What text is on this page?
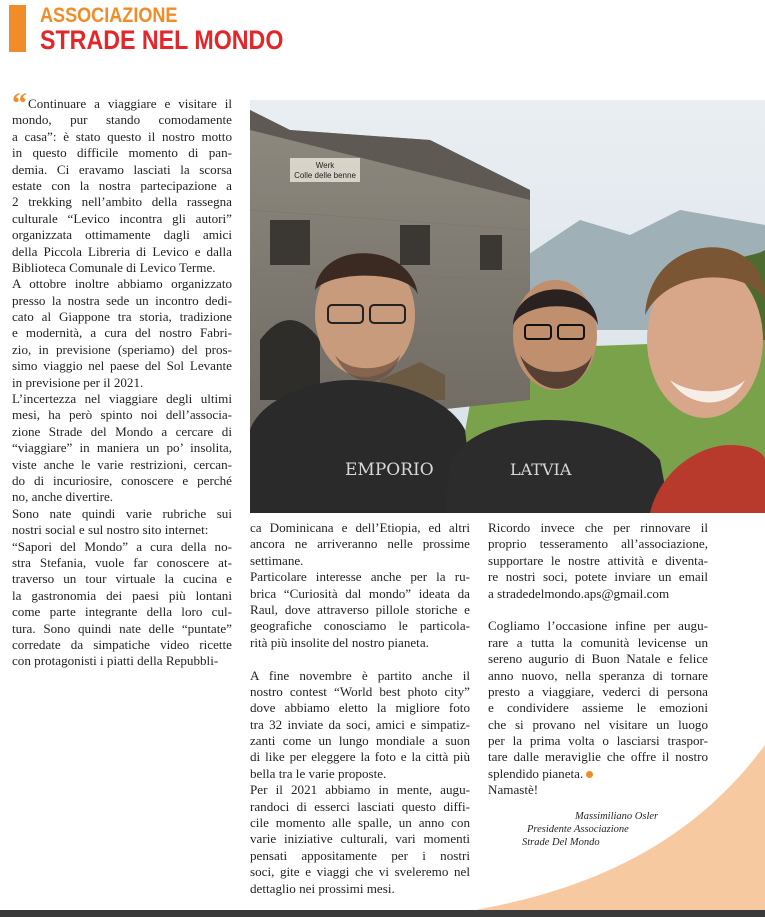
ASSOCIAZIONE
STRADE NEL MONDO
Werk
Colle delle benne
EMPORIO	LATVIA

“Continuare a viaggiare e visitare il
mondo, pur stando comodamente
a casa”: è stato questo il nostro motto
in questo difficile momento di pan-
demia. Ci eravamo lasciati la scorsa
estate con la nostra partecipazione a
2 trekking nell’ambito della rassegna
culturale “Levico incontra gli autori”
organizzata ottimamente dagli amici
della Piccola Libreria di Levico e dalla
Biblioteca Comunale di Levico Terme.
A ottobre inoltre abbiamo organizzato
presso la nostra sede un incontro dedi-
cato al Giappone tra storia, tradizione
e modernità, a cura del nostro Fabri-
zio, in previsione (speriamo) del pros-
simo viaggio nel paese del Sol Levante
in previsione per il 2021.
L’incertezza nel viaggiare degli ultimi
mesi, ha però spinto noi dell’associa-
zione Strade del Mondo a cercare di
“viaggiare” in maniera un po’ insolita,
viste anche le varie restrizioni, cercan-
do di incuriosire, conoscere e perché
no, anche divertire.
Sono nate quindi varie rubriche sui
nostri social e sul nostro sito internet:
“Sapori del Mondo” a cura della no-
stra Stefania, vuole far conoscere at-
traverso un tour virtuale la cucina e
la gastronomia dei paesi più lontani
come parte integrante della loro cul-
tura. Sono quindi nate delle “puntate”
corredate da simpatiche video ricette
con protagonisti i piatti della Repubbli-

ca Dominicana e dell’Etiopia, ed altri
ancora ne arriveranno nelle prossime
settimane.
Particolare interesse anche per la ru-
brica “Curiosità dal mondo” ideata da
Raul, dove attraverso pillole storiche e
geografiche conosciamo le particola-
rità più insolite del nostro pianeta.
A fine novembre è partito anche il
nostro contest “World best photo city”
dove abbiamo eletto la migliore foto
tra 32 inviate da soci, amici e simpatiz-
zanti come un lungo mondiale a suon
di like per eleggere la foto e la città più
bella tra le varie proposte.
Per il 2021 abbiamo in mente, augu-
randoci di esserci lasciati questo diffi-
cile momento alle spalle, un anno con
varie iniziative culturali, vari momenti
pensati appositamente per i nostri
soci, gite e viaggi che vi sveleremo nel
dettaglio nei prossimi mesi.

Ricordo invece che per rinnovare il
proprio tesseramento all’associazione,
supportare le nostre attività e diventa-
re nostri soci, potete inviare un email
a stradedelmondo.aps@gmail.com
Cogliamo l’occasione infine per augu-
rare a tutta la comunità levicense un
sereno augurio di Buon Natale e felice
anno nuovo, nella speranza di tornare
presto a viaggiare, vederci di persona
e condividere assieme le emozioni
che si provano nel visitare un luogo
per la prima volta o lasciarsi traspor-
tare dalle meraviglie che offre il nostro
splendido pianeta.
Namastè!

Massimiliano Osler
Presidente Associazione
Strade Del Mondo
